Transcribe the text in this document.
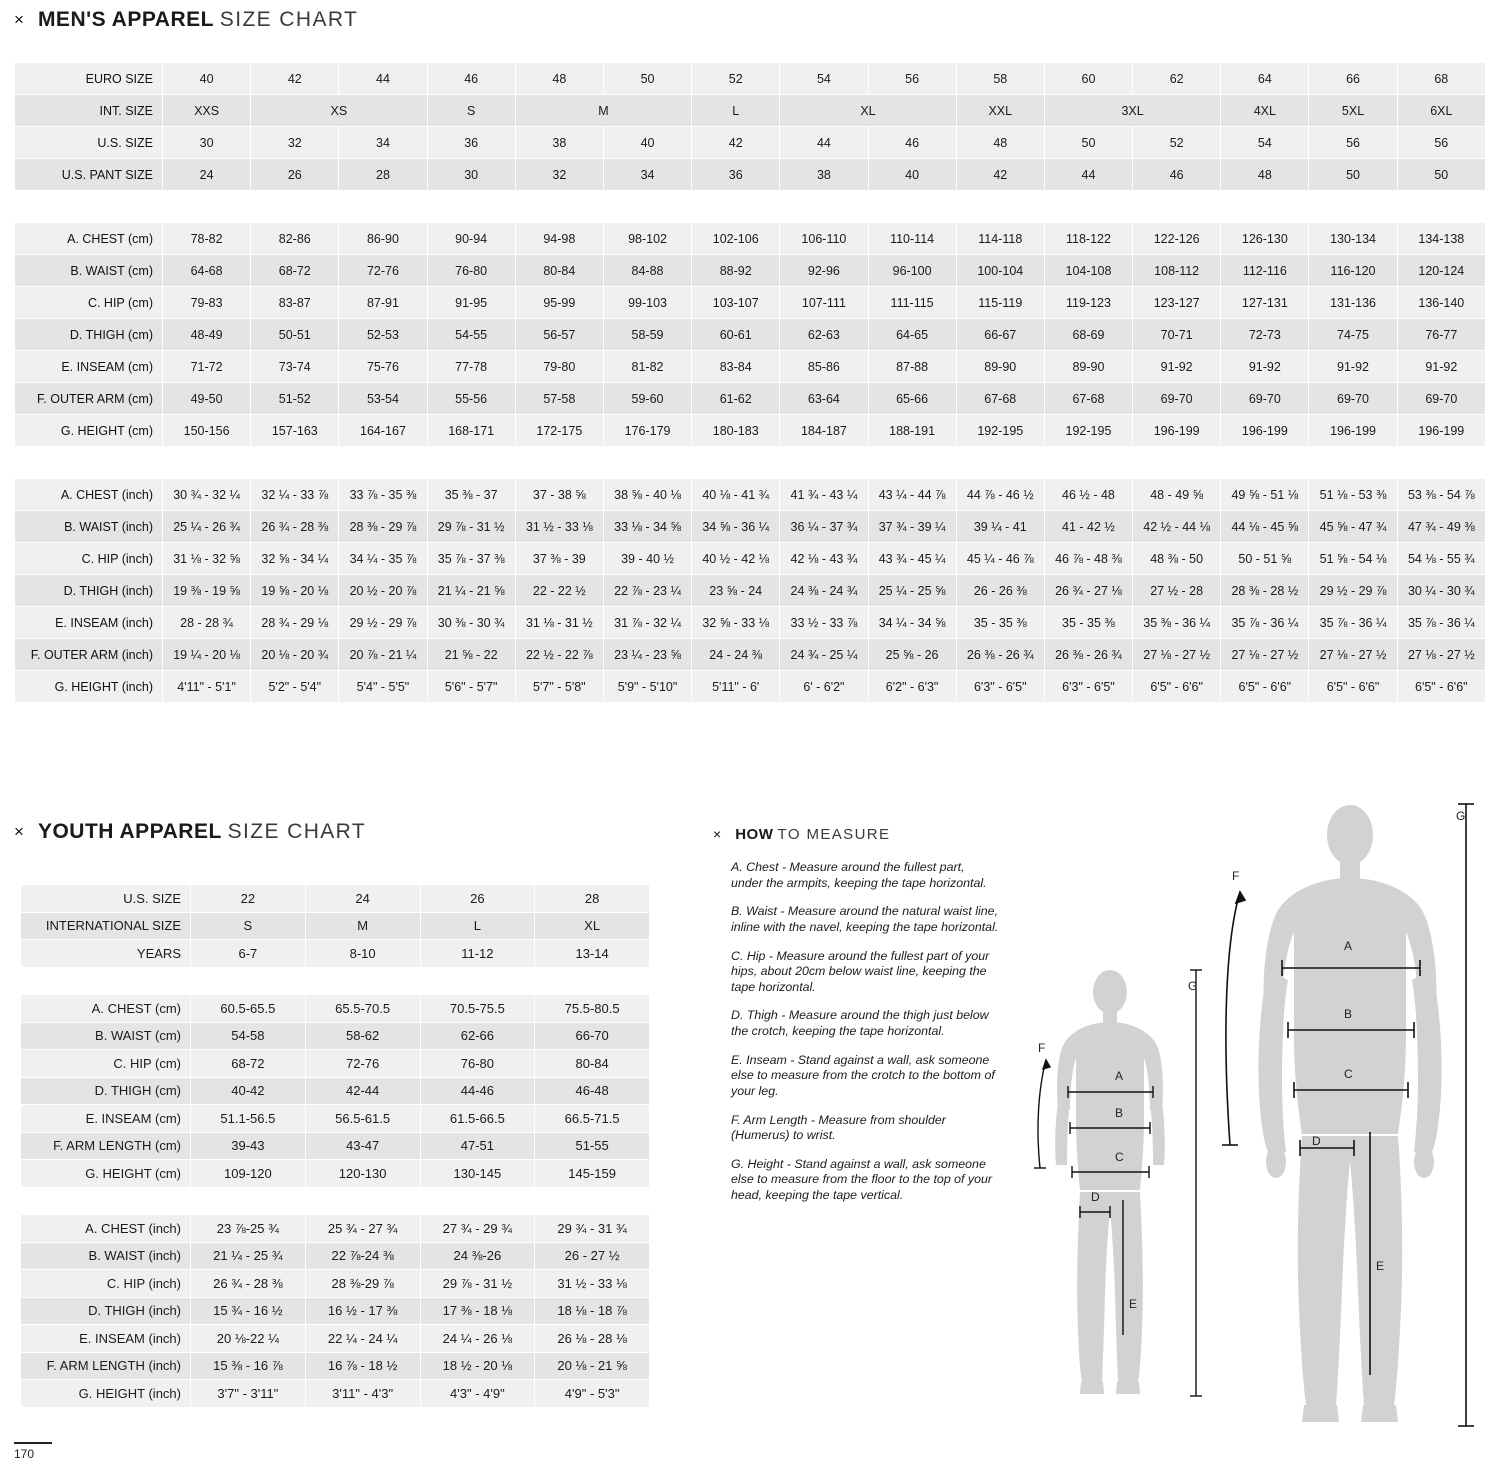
× MEN'S APPAREL SIZE CHART
EURO SIZE	40	42	44	46	48	50	52	54	56	58	60	62	64	66	68
INT. SIZE	XXS	XS		S	M		L	XL		XXL	3XL		4XL	5XL	6XL
U.S. SIZE	30	32	34	36	38	40	42	44	46	48	50	52	54	56	56
U.S. PANT SIZE	24	26	28	30	32	34	36	38	40	42	44	46	48	50	50

A. CHEST (cm)	78-82	82-86	86-90	90-94	94-98	98-102	102-106	106-110	110-114	114-118	118-122	122-126	126-130	130-134	134-138
B. WAIST (cm)	64-68	68-72	72-76	76-80	80-84	84-88	88-92	92-96	96-100	100-104	104-108	108-112	112-116	116-120	120-124
C. HIP (cm)	79-83	83-87	87-91	91-95	95-99	99-103	103-107	107-111	111-115	115-119	119-123	123-127	127-131	131-136	136-140
D. THIGH (cm)	48-49	50-51	52-53	54-55	56-57	58-59	60-61	62-63	64-65	66-67	68-69	70-71	72-73	74-75	76-77
E. INSEAM (cm)	71-72	73-74	75-76	77-78	79-80	81-82	83-84	85-86	87-88	89-90	89-90	91-92	91-92	91-92	91-92
F. OUTER ARM (cm)	49-50	51-52	53-54	55-56	57-58	59-60	61-62	63-64	65-66	67-68	67-68	69-70	69-70	69-70	69-70
G. HEIGHT (cm)	150-156	157-163	164-167	168-171	172-175	176-179	180-183	184-187	188-191	192-195	192-195	196-199	196-199	196-199	196-199

A. CHEST (inch)	30 ¾ - 32 ¼	32 ¼ - 33 ⅞	33 ⅞ - 35 ⅜	35 ⅜ - 37	37 - 38 ⅝	38 ⅝ - 40 ⅛	40 ⅛ - 41 ¾	41 ¾ - 43 ¼	43 ¼ - 44 ⅞	44 ⅞ - 46 ½	46 ½ - 48	48 - 49 ⅝	49 ⅝ - 51 ⅛	51 ⅛ - 53 ⅜	53 ⅜ - 54 ⅞
B. WAIST (inch)	25 ¼ - 26 ¾	26 ¾ - 28 ⅜	28 ⅜ - 29 ⅞	29 ⅞ - 31 ½	31 ½ - 33 ⅛	33 ⅛ - 34 ⅝	34 ⅝ - 36 ¼	36 ¼ - 37 ¾	37 ¾ - 39 ¼	39 ¼ - 41	41 - 42 ½	42 ½ - 44 ⅛	44 ⅛ - 45 ⅝	45 ⅝ - 47 ¾	47 ¾ - 49 ⅜
C. HIP (inch)	31 ⅛ - 32 ⅝	32 ⅝ - 34 ¼	34 ¼ - 35 ⅞	35 ⅞ - 37 ⅜	37 ⅜ - 39	39 - 40 ½	40 ½ - 42 ⅛	42 ⅛ - 43 ¾	43 ¾ - 45 ¼	45 ¼ - 46 ⅞	46 ⅞ - 48 ⅜	48 ⅜ - 50	50 - 51 ⅝	51 ⅝ - 54 ⅛	54 ⅛ - 55 ¾
D. THIGH (inch)	19 ⅜ - 19 ⅝	19 ⅝ - 20 ⅛	20 ½ - 20 ⅞	21 ¼ - 21 ⅝	22 - 22 ½	22 ⅞ - 23 ¼	23 ⅝ - 24	24 ⅜ - 24 ¾	25 ¼ - 25 ⅝	26 - 26 ⅜	26 ¾ - 27 ⅛	27 ½ - 28	28 ⅜ - 28 ½	29 ½ - 29 ⅞	30 ¼ - 30 ¾
E. INSEAM (inch)	28 - 28 ¾	28 ¾ - 29 ⅛	29 ½ - 29 ⅞	30 ⅜ - 30 ¾	31 ⅛ - 31 ½	31 ⅞ - 32 ¼	32 ⅝ - 33 ⅛	33 ½ - 33 ⅞	34 ¼ - 34 ⅝	35 - 35 ⅜	35 - 35 ⅜	35 ⅜ - 36 ¼	35 ⅞ - 36 ¼	35 ⅞ - 36 ¼	35 ⅞ - 36 ¼
F. OUTER ARM (inch)	19 ¼ - 20 ⅛	20 ⅛ - 20 ¾	20 ⅞ - 21 ¼	21 ⅝ - 22	22 ½ - 22 ⅞	23 ¼ - 23 ⅝	24 - 24 ⅜	24 ¾ - 25 ¼	25 ⅝ - 26	26 ⅜ - 26 ¾	26 ⅜ - 26 ¾	27 ⅛ - 27 ½	27 ⅛ - 27 ½	27 ⅛ - 27 ½	27 ⅛ - 27 ½
G. HEIGHT (inch)	4'11" - 5'1"	5'2" - 5'4"	5'4" - 5'5"	5'6" - 5'7"	5'7" - 5'8"	5'9" - 5'10"	5'11" - 6'	6' - 6'2"	6'2" - 6'3"	6'3" - 6'5"	6'3" - 6'5"	6'5" - 6'6"	6'5" - 6'6"	6'5" - 6'6"	6'5" - 6'6"
× YOUTH APPAREL SIZE CHART
U.S. SIZE	22	24	26	28
INTERNATIONAL SIZE	S	M	L	XL
YEARS	6-7	8-10	11-12	13-14

A. CHEST (cm)	60.5-65.5	65.5-70.5	70.5-75.5	75.5-80.5
B. WAIST (cm)	54-58	58-62	62-66	66-70
C. HIP (cm)	68-72	72-76	76-80	80-84
D. THIGH (cm)	40-42	42-44	44-46	46-48
E. INSEAM (cm)	51.1-56.5	56.5-61.5	61.5-66.5	66.5-71.5
F. ARM LENGTH (cm)	39-43	43-47	47-51	51-55
G. HEIGHT (cm)	109-120	120-130	130-145	145-159

A. CHEST (inch)	23 ⅞-25 ¾	25 ¾ - 27 ¾	27 ¾ - 29 ¾	29 ¾ - 31 ¾
B. WAIST (inch)	21 ¼ - 25 ¾	22 ⅞-24 ⅜	24 ⅜-26	26 - 27 ½
C. HIP (inch)	26 ¾ - 28 ⅜	28 ⅜-29 ⅞	29 ⅞ - 31 ½	31 ½ - 33 ⅛
D. THIGH (inch)	15 ¾ - 16 ½	16 ½ - 17 ⅜	17 ⅜ - 18 ⅛	18 ⅛ - 18 ⅞
E. INSEAM (inch)	20 ⅛-22 ¼	22 ¼ - 24 ¼	24 ¼ - 26 ⅛	26 ⅛ - 28 ⅛
F. ARM LENGTH (inch)	15 ⅜ - 16 ⅞	16 ⅞ - 18 ½	18 ½ - 20 ⅛	20 ⅛ - 21 ⅝
G. HEIGHT (inch)	3'7" - 3'11"	3'11" - 4'3"	4'3" - 4'9"	4'9" - 5'3"
× HOW TO MEASURE

A. Chest - Measure around the fullest part, under the armpits, keeping the tape horizontal.

B. Waist - Measure around the natural waist line, inline with the navel, keeping the tape horizontal.

C. Hip - Measure around the fullest part of your hips, about 20cm below waist line, keeping the tape horizontal.

D. Thigh - Measure around the thigh just below the crotch, keeping the tape horizontal.

E. Inseam - Stand against a wall, ask someone else to measure from the crotch to the bottom of your leg.

F. Arm Length - Measure from shoulder (Humerus) to wrist.

G. Height - Stand against a wall, ask someone else to measure from the floor to the top of your head, keeping the tape vertical.

A
B
C
D
E
F
G
A
B
C
D
E
F
G
170
